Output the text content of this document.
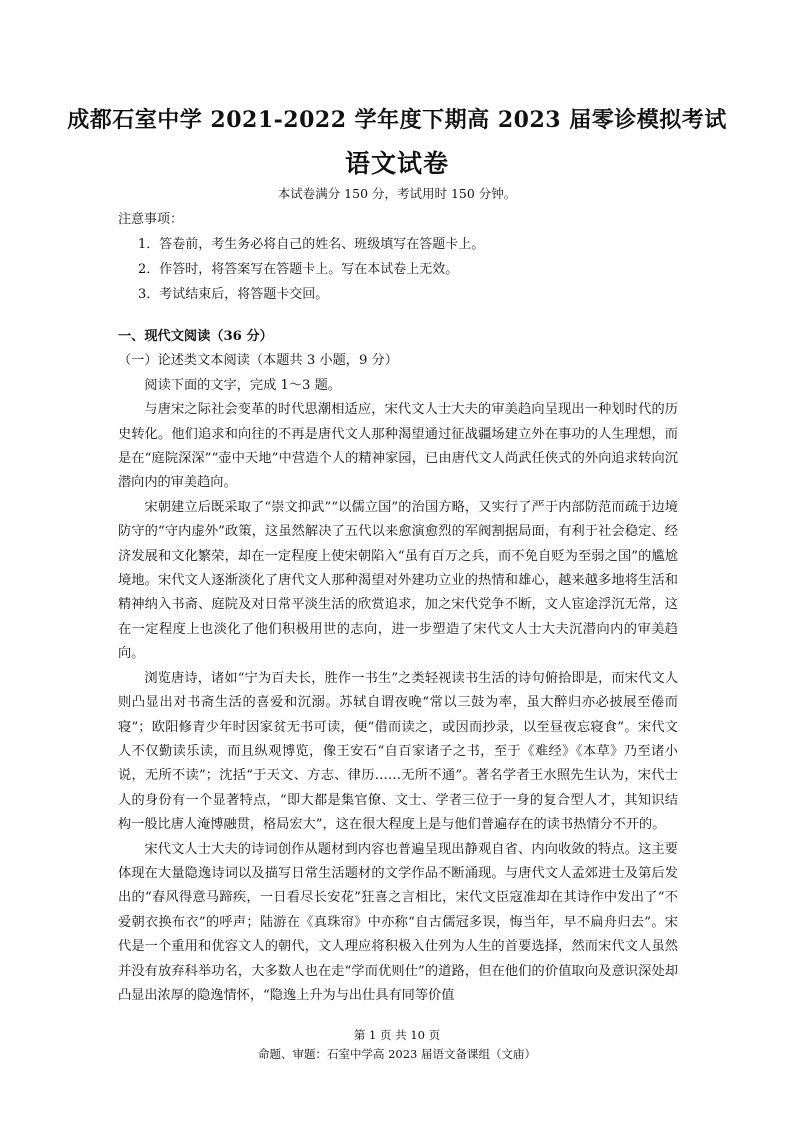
成都石室中学 2021-2022 学年度下期高 2023 届零诊模拟考试
语文试卷
本试卷满分 150 分，考试用时 150 分钟。
注意事项：
1．答卷前，考生务必将自己的姓名、班级填写在答题卡上。
2．作答时，将答案写在答题卡上。写在本试卷上无效。
3．考试结束后，将答题卡交回。
一、现代文阅读（36 分）
（一）论述类文本阅读（本题共 3 小题，9 分）

阅读下面的文字，完成 1～3 题。

与唐宋之际社会变革的时代思潮相适应，宋代文人士大夫的审美趋向呈现出一种划时代的历史转化。他们追求和向往的不再是唐代文人那种渴望通过征战疆场建立外在事功的人生理想，而是在“庭院深深”“壶中天地”中营造个人的精神家园，已由唐代文人尚武任侠式的外向追求转向沉潜向内的审美趋向。

宋朝建立后既采取了“崇文抑武”“以儒立国”的治国方略，又实行了严于内部防范而疏于边境防守的“守内虚外”政策，这虽然解决了五代以来愈演愈烈的军阀割据局面，有利于社会稳定、经济发展和文化繁荣，却在一定程度上使宋朝陷入“虽有百万之兵，而不免自贬为至弱之国”的尴尬境地。宋代文人逐渐淡化了唐代文人那种渴望对外建功立业的热情和雄心，越来越多地将生活和精神纳入书斋、庭院及对日常平淡生活的欣赏追求，加之宋代党争不断，文人宦途浮沉无常，这在一定程度上也淡化了他们积极用世的志向，进一步塑造了宋代文人士大夫沉潜向内的审美趋向。

浏览唐诗，诸如“宁为百夫长，胜作一书生”之类轻视读书生活的诗句俯拾即是，而宋代文人则凸显出对书斋生活的喜爱和沉溺。苏轼自谓夜晚“常以三鼓为率，虽大醉归亦必披展至倦而寝”；欧阳修青少年时因家贫无书可读，便“借而读之，或因而抄录，以至昼夜忘寝食”。宋代文人不仅勤读乐读，而且纵观博览，像王安石“自百家诸子之书，至于《难经》《本草》乃至诸小说，无所不读”；沈括“于天文、方志、律历……无所不通”。著名学者王水照先生认为，宋代士人的身份有一个显著特点，“即大都是集官僚、文士、学者三位于一身的复合型人才，其知识结构一般比唐人淹博融贯，格局宏大”，这在很大程度上是与他们普遍存在的读书热情分不开的。

宋代文人士大夫的诗词创作从题材到内容也普遍呈现出静观自省、内向收敛的特点。这主要体现在大量隐逸诗词以及描写日常生活题材的文学作品不断涌现。与唐代文人孟郊进士及第后发出的“春风得意马蹄疾，一日看尽长安花”狂喜之言相比，宋代文臣寇准却在其诗作中发出了“不爱朝衣换布衣”的呼声；陆游在《真珠帘》中亦称“自古儒冠多误，悔当年，早不扁舟归去”。宋代是一个重用和优容文人的朝代，文人理应将积极入仕列为人生的首要选择，然而宋代文人虽然并没有放弃科举功名，大多数人也在走“学而优则仕”的道路，但在他们的价值取向及意识深处却凸显出浓厚的隐逸情怀，“隐逸上升为与出仕具有同等价值

第 1 页 共 10 页
命题、审题：石室中学高 2023 届语文备课组（文庙）
